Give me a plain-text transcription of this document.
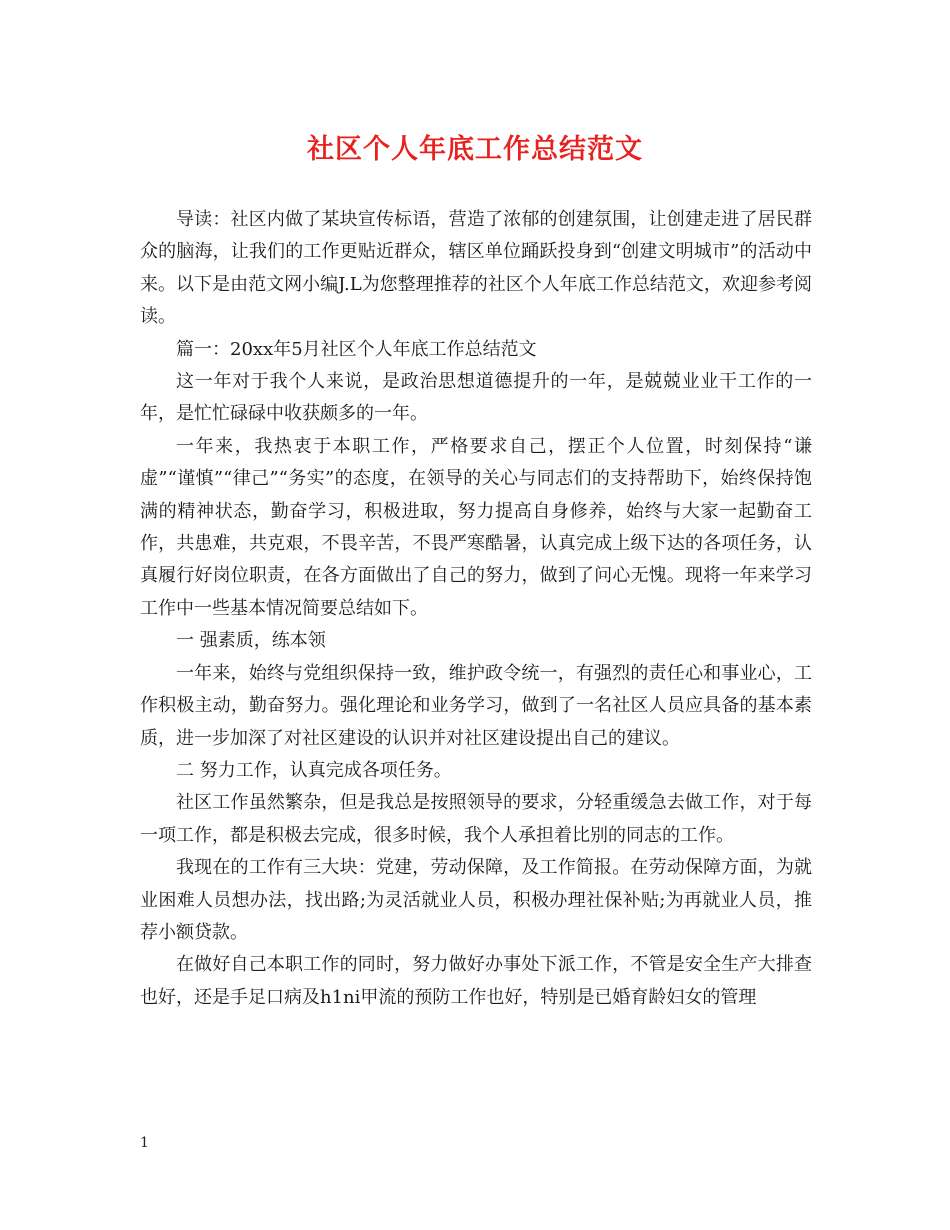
社区个人年底工作总结范文

导读：社区内做了某块宣传标语，营造了浓郁的创建氛围，让创建走进了居民群众的脑海，让我们的工作更贴近群众，辖区单位踊跃投身到“创建文明城市”的活动中来。以下是由范文网小编J.L为您整理推荐的社区个人年底工作总结范文，欢迎参考阅读。

篇一：20xx年5月社区个人年底工作总结范文

这一年对于我个人来说，是政治思想道德提升的一年，是兢兢业业干工作的一年，是忙忙碌碌中收获颇多的一年。

一年来，我热衷于本职工作，严格要求自己，摆正个人位置，时刻保持“谦虚”“谨慎”“律己”“务实”的态度，在领导的关心与同志们的支持帮助下，始终保持饱满的精神状态，勤奋学习，积极进取，努力提高自身修养，始终与大家一起勤奋工作，共患难，共克艰，不畏辛苦，不畏严寒酷暑，认真完成上级下达的各项任务，认真履行好岗位职责，在各方面做出了自己的努力，做到了问心无愧。现将一年来学习工作中一些基本情况简要总结如下。

一 强素质，练本领

一年来，始终与党组织保持一致，维护政令统一，有强烈的责任心和事业心，工作积极主动，勤奋努力。强化理论和业务学习，做到了一名社区人员应具备的基本素质，进一步加深了对社区建设的认识并对社区建设提出自己的建议。

二 努力工作，认真完成各项任务。

社区工作虽然繁杂，但是我总是按照领导的要求，分轻重缓急去做工作，对于每一项工作，都是积极去完成，很多时候，我个人承担着比别的同志的工作。

我现在的工作有三大块：党建，劳动保障，及工作简报。在劳动保障方面，为就业困难人员想办法，找出路;为灵活就业人员，积极办理社保补贴;为再就业人员，推荐小额贷款。

在做好自己本职工作的同时，努力做好办事处下派工作，不管是安全生产大排查也好，还是手足口病及h1ni甲流的预防工作也好，特别是已婚育龄妇女的管理

1
